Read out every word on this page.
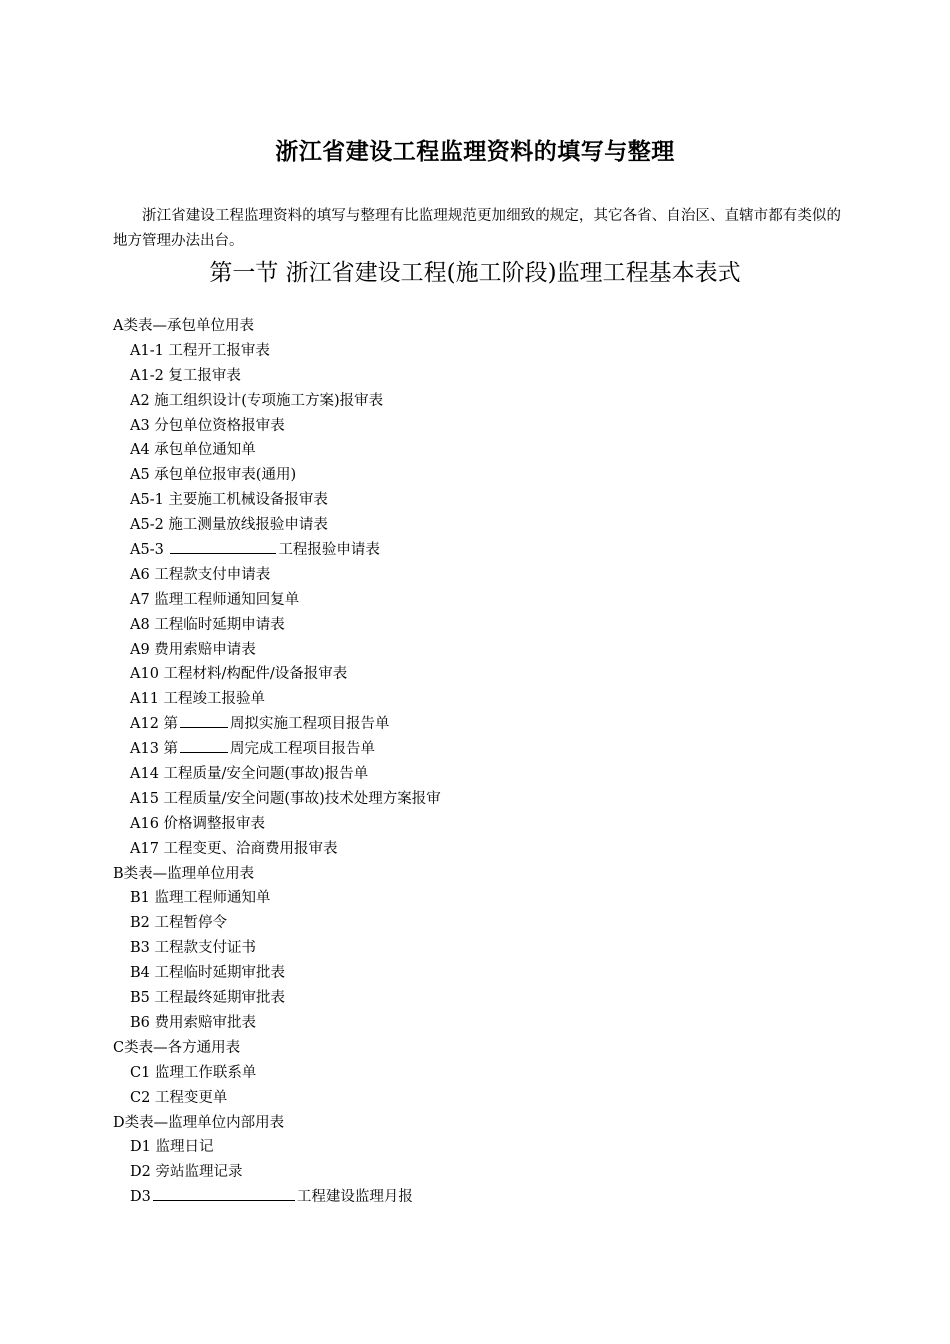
浙江省建设工程监理资料的填写与整理
浙江省建设工程监理资料的填写与整理有比监理规范更加细致的规定，其它各省、自治区、直辖市都有类似的地方管理办法出台。
第一节 浙江省建设工程(施工阶段)监理工程基本表式
A类表—承包单位用表
A1-1 工程开工报审表
A1-2 复工报审表
A2 施工组织设计(专项施工方案)报审表
A3 分包单位资格报审表
A4 承包单位通知单
A5 承包单位报审表(通用)
A5-1 主要施工机械设备报审表
A5-2 施工测量放线报验申请表
A5-3	工程报验申请表
A6 工程款支付申请表
A7 监理工程师通知回复单
A8 工程临时延期申请表
A9 费用索赔申请表
A10 工程材料/构配件/设备报审表
A11 工程竣工报验单
A12 第	周拟实施工程项目报告单
A13 第	周完成工程项目报告单
A14 工程质量/安全问题(事故)报告单
A15 工程质量/安全问题(事故)技术处理方案报审
A16 价格调整报审表
A17 工程变更、洽商费用报审表
B类表—监理单位用表
B1 监理工程师通知单
B2 工程暂停令
B3 工程款支付证书
B4 工程临时延期审批表
B5 工程最终延期审批表
B6 费用索赔审批表
C类表—各方通用表
C1 监理工作联系单
C2 工程变更单
D类表—监理单位内部用表
D1 监理日记
D2 旁站监理记录
D3	工程建设监理月报
